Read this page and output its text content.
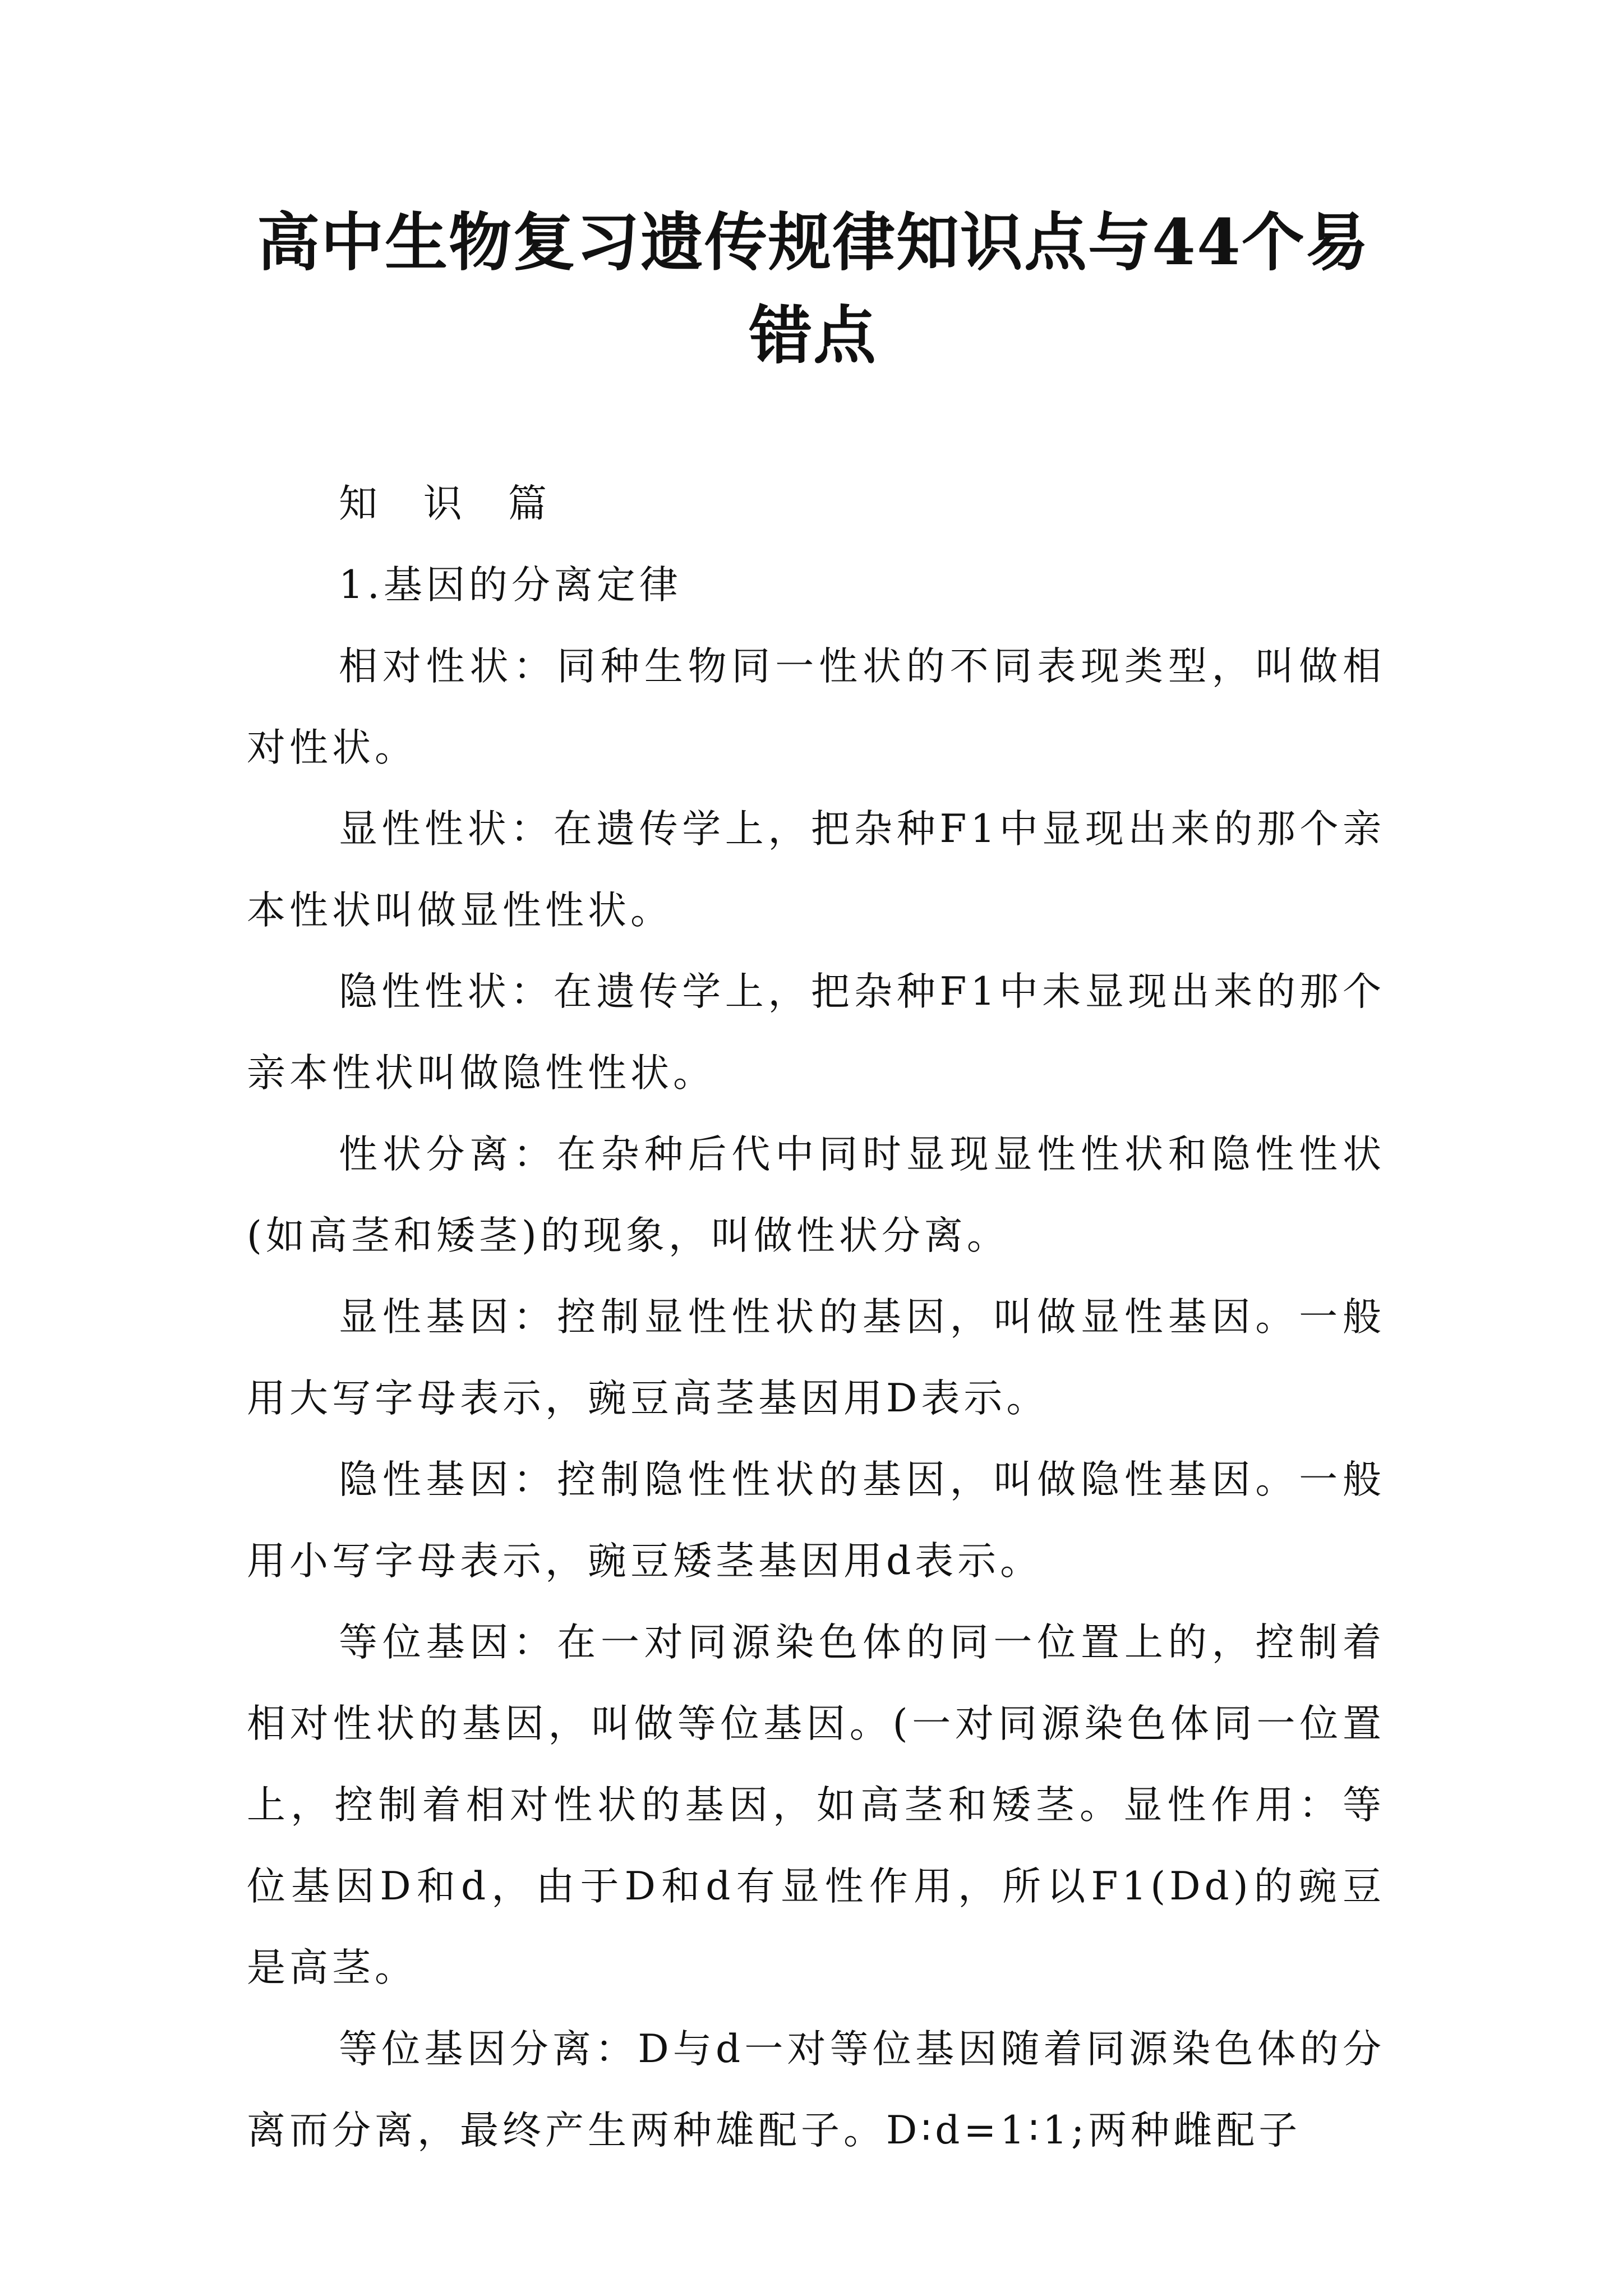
高中生物复习遗传规律知识点与44个易错点

知 识 篇

1.基因的分离定律

相对性状：同种生物同一性状的不同表现类型，叫做相对性状。

显性性状：在遗传学上，把杂种F1中显现出来的那个亲本性状叫做显性性状。

隐性性状：在遗传学上，把杂种F1中未显现出来的那个亲本性状叫做隐性性状。

性状分离：在杂种后代中同时显现显性性状和隐性性状(如高茎和矮茎)的现象，叫做性状分离。

显性基因：控制显性性状的基因，叫做显性基因。一般用大写字母表示，豌豆高茎基因用D表示。

隐性基因：控制隐性性状的基因，叫做隐性基因。一般用小写字母表示，豌豆矮茎基因用d表示。

等位基因：在一对同源染色体的同一位置上的，控制着相对性状的基因，叫做等位基因。(一对同源染色体同一位置上，控制着相对性状的基因，如高茎和矮茎。显性作用：等位基因D和d，由于D和d有显性作用，所以F1(Dd)的豌豆是高茎。

等位基因分离：D与d一对等位基因随着同源染色体的分离而分离，最终产生两种雄配子。D∶d=1∶1;两种雌配子
